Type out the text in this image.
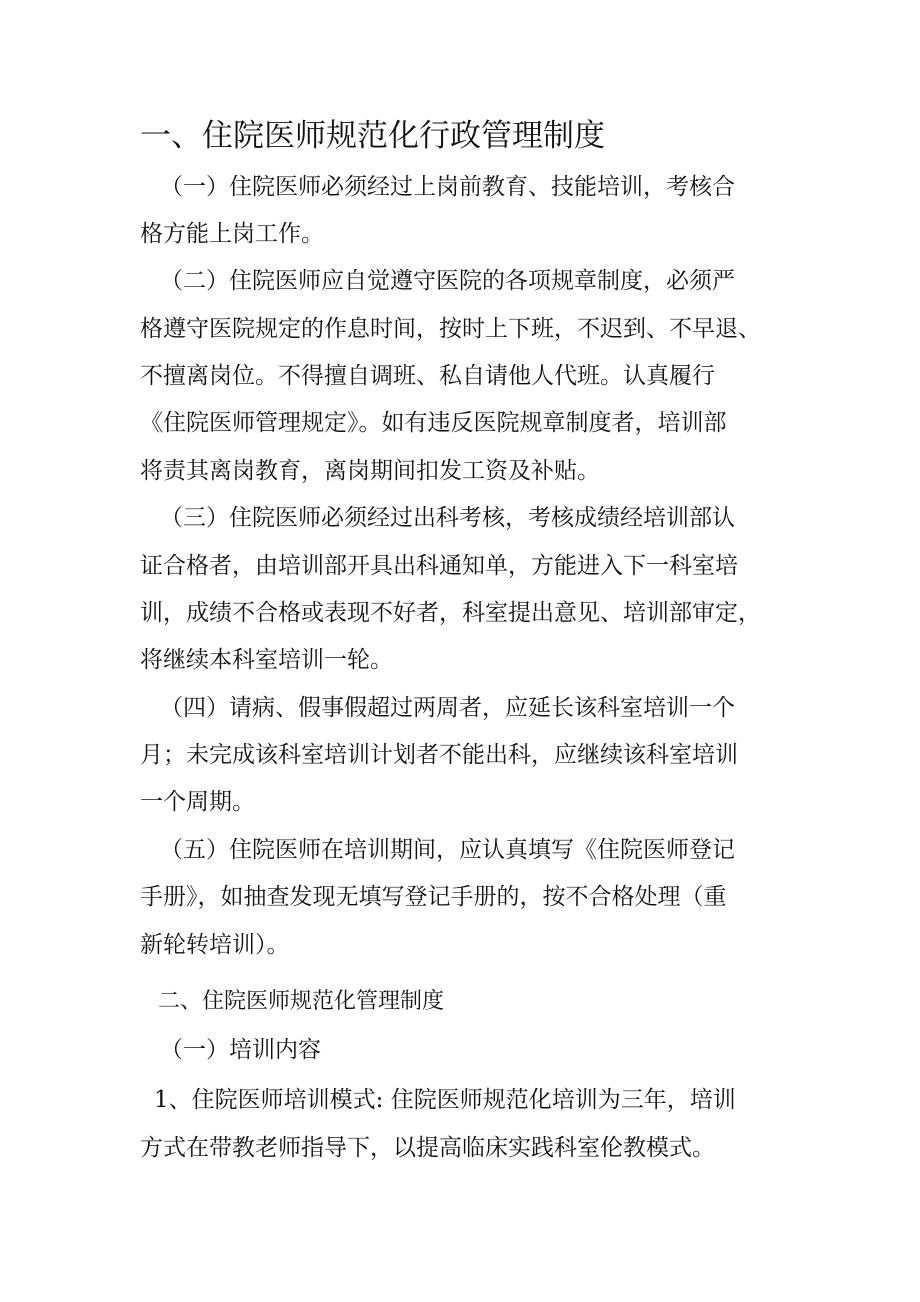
一、住院医师规范化行政管理制度

（一）住院医师必须经过上岗前教育、技能培训，考核合

格方能上岗工作。

（二）住院医师应自觉遵守医院的各项规章制度，必须严

格遵守医院规定的作息时间，按时上下班，不迟到、不早退、

不擅离岗位。不得擅自调班、私自请他人代班。认真履行

《住院医师管理规定》。如有违反医院规章制度者，培训部

将责其离岗教育，离岗期间扣发工资及补贴。

（三）住院医师必须经过出科考核，考核成绩经培训部认

证合格者，由培训部开具出科通知单，方能进入下一科室培

训，成绩不合格或表现不好者，科室提出意见、培训部审定，

将继续本科室培训一轮。

（四）请病、假事假超过两周者，应延长该科室培训一个

月；未完成该科室培训计划者不能出科，应继续该科室培训

一个周期。

（五）住院医师在培训期间，应认真填写《住院医师登记

手册》，如抽查发现无填写登记手册的，按不合格处理（重

新轮转培训）。

二、住院医师规范化管理制度

（一）培训内容

1、住院医师培训模式: 住院医师规范化培训为三年，培训

方式在带教老师指导下，以提高临床实践科室伦教模式。
